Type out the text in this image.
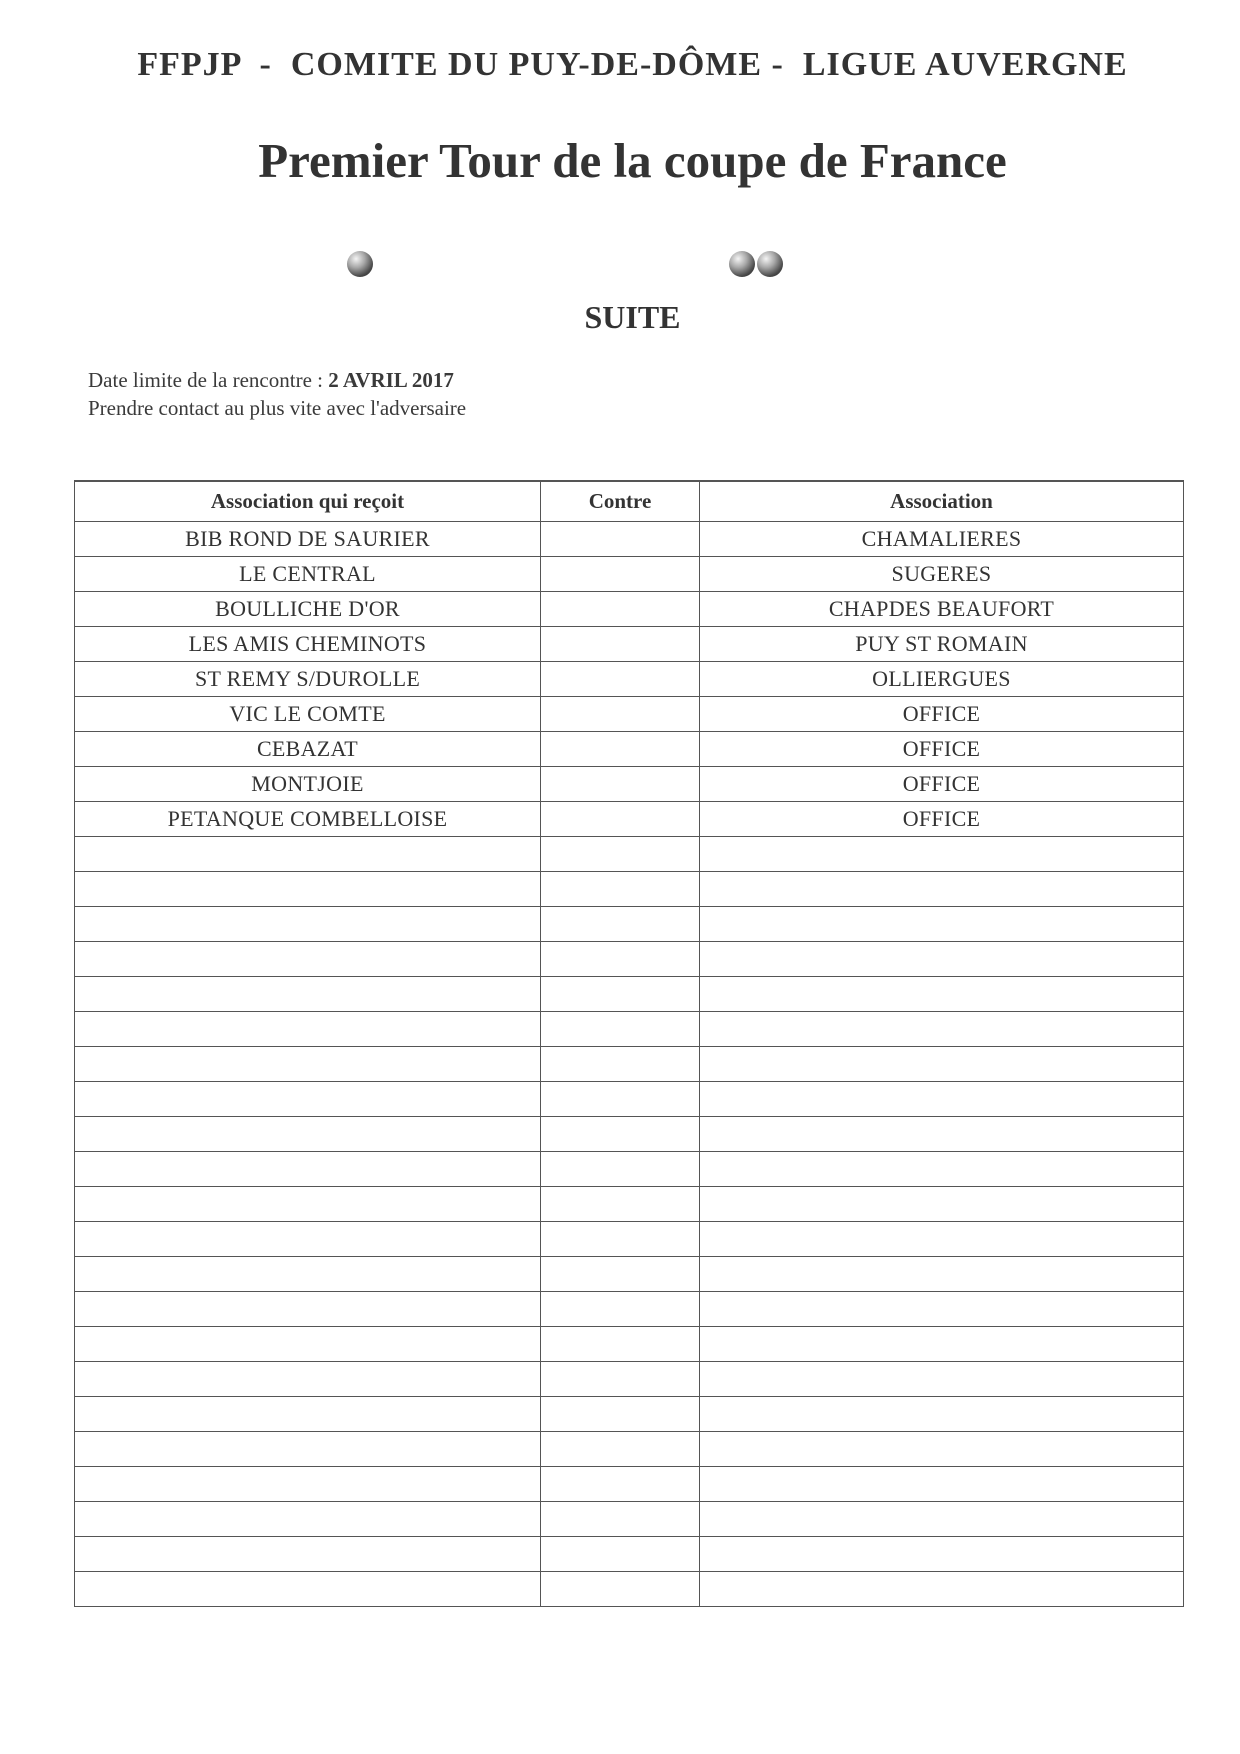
FFPJP  -  COMITE DU PUY-DE-DÔME -  LIGUE AUVERGNE
Premier Tour de la coupe de France
SUITE
Date limite de la rencontre : 2 AVRIL 2017
Prendre contact au plus vite avec l'adversaire
Association qui reçoit	Contre	Association
BIB ROND DE SAURIER		CHAMALIERES
LE CENTRAL		SUGERES
BOULLICHE D'OR		CHAPDES BEAUFORT
LES AMIS CHEMINOTS		PUY ST ROMAIN
ST REMY S/DUROLLE		OLLIERGUES
VIC LE COMTE		OFFICE
CEBAZAT		OFFICE
MONTJOIE		OFFICE
PETANQUE COMBELLOISE		OFFICE
